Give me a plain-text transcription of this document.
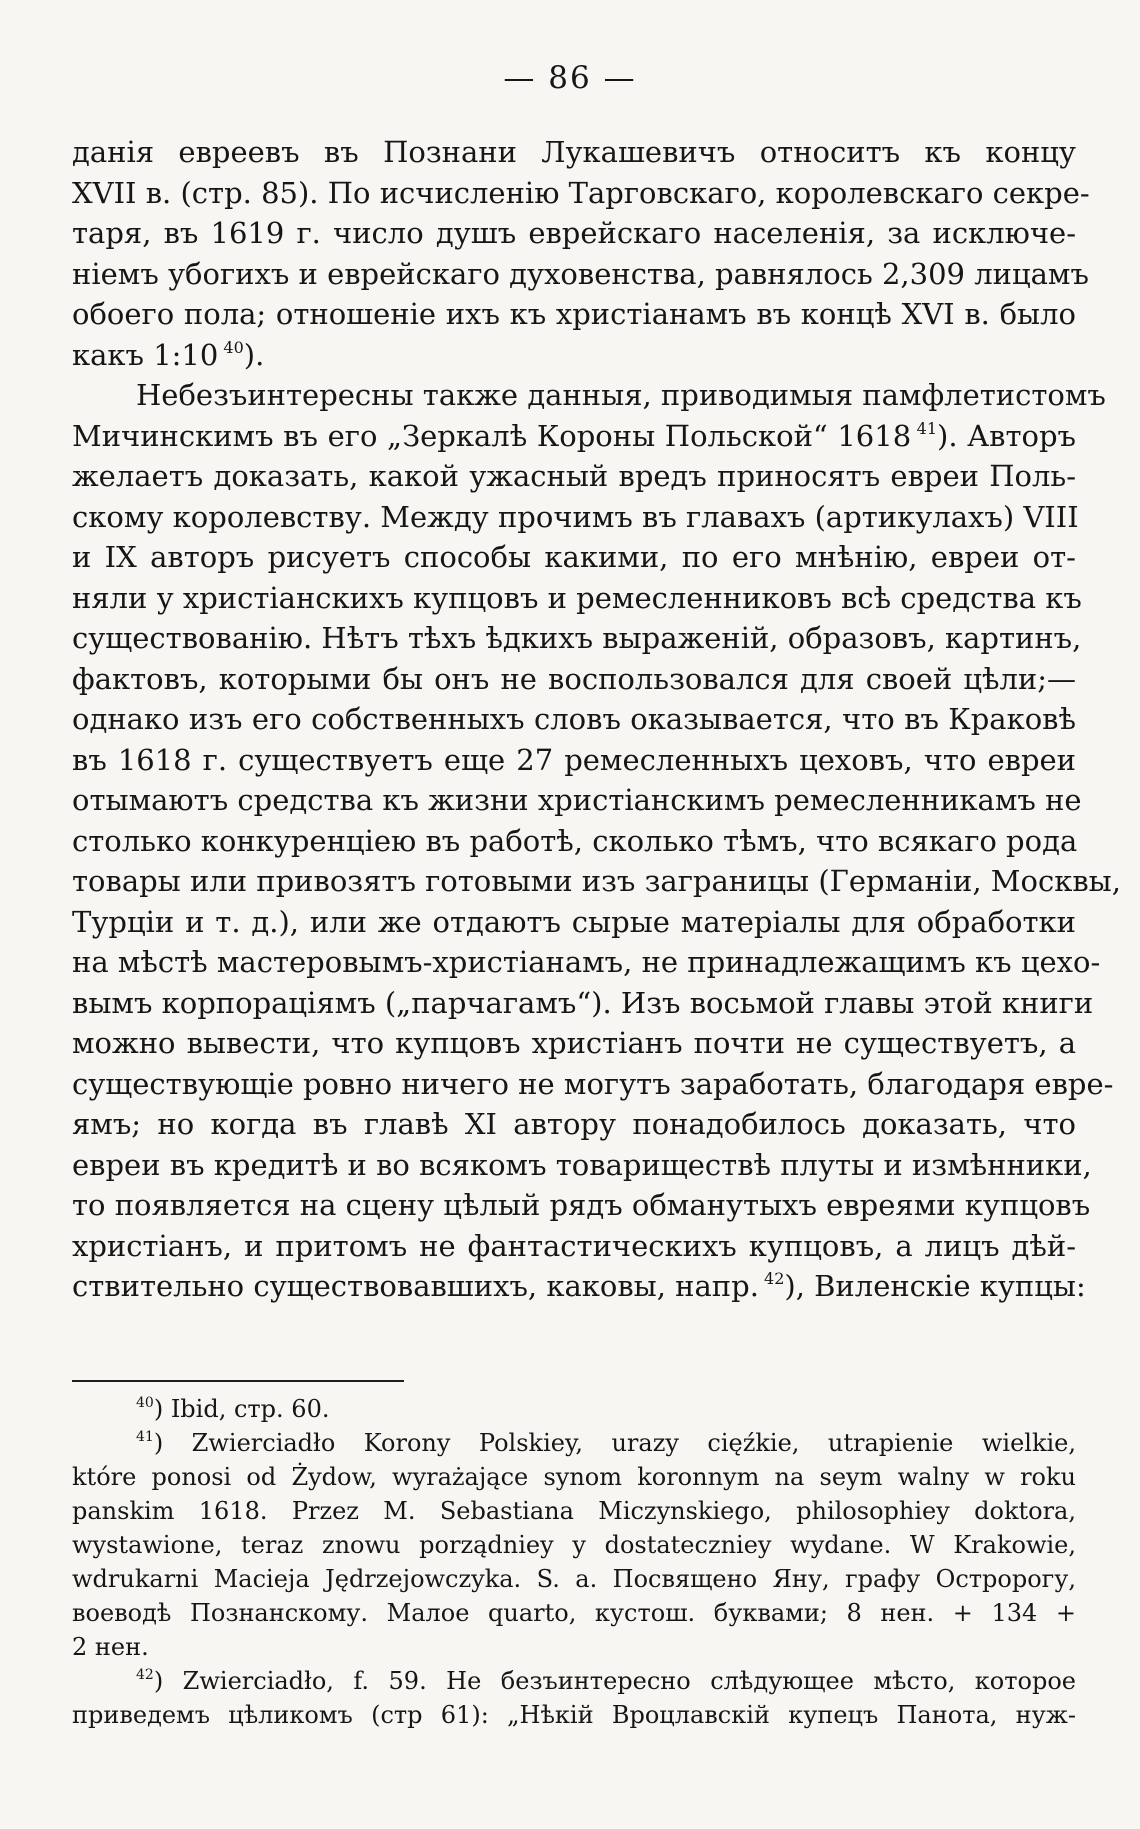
— 86 —
данія евреевъ въ Познани Лукашевичъ относитъ къ концу
XVII в. (стр. 85). По исчисленію Тарговскаго, королевскаго секре-
таря, въ 1619 г. число душъ еврейскаго населенія, за исключе-
ніемъ убогихъ и еврейскаго духовенства, равнялось 2,309 лицамъ
обоего пола; отношеніе ихъ къ христіанамъ въ концѣ XVI в. было
какъ 1:10 $^{40}$).
Небезъинтересны также данныя, приводимыя памфлетистомъ
Мичинскимъ въ его „Зеркалѣ Короны Польской“ 1618 $^{41}$). Авторъ
желаетъ доказать, какой ужасный вредъ приносятъ евреи Поль-
скому королевству. Между прочимъ въ главахъ (артикулахъ) VIII
и IX авторъ рисуетъ способы какими, по его мнѣнію, евреи от-
няли у христіанскихъ купцовъ и ремесленниковъ всѣ средства къ
существованію. Нѣтъ тѣхъ ѣдкихъ выраженій, образовъ, картинъ,
фактовъ, которыми бы онъ не воспользовался для своей цѣли;—
однако изъ его собственныхъ словъ оказывается, что въ Краковѣ
въ 1618 г. существуетъ еще 27 ремесленныхъ цеховъ, что евреи
отымаютъ средства къ жизни христіанскимъ ремесленникамъ не
столько конкуренціею въ работѣ, сколько тѣмъ, что всякаго рода
товары или привозятъ готовыми изъ заграницы (Германіи, Москвы,
Турціи и т. д.), или же отдаютъ сырые матеріалы для обработки
на мѣстѣ мастеровымъ-христіанамъ, не принадлежащимъ къ цехо-
вымъ корпораціямъ („парчагамъ“). Изъ восьмой главы этой книги
можно вывести, что купцовъ христіанъ почти не существуетъ, а
существующіе ровно ничего не могутъ заработать, благодаря евре-
ямъ; но когда въ главѣ XI автору понадобилось доказать, что
евреи въ кредитѣ и во всякомъ товариществѣ плуты и измѣнники,
то появляется на сцену цѣлый рядъ обманутыхъ евреями купцовъ
христіанъ, и притомъ не фантастическихъ купцовъ, а лицъ дѣй-
ствительно существовавшихъ, каковы, напр. $^{42}$), Виленскіе купцы:
$^{40}$) Ibid, стр. 60.
$^{41}$) Zwierciadło Korony Polskiey, urazy cięźkie, utrapienie wielkie,
które ponosi od Żydow, wyrażające synom koronnym na seym walny w roku
panskim 1618. Przez M. Sebastiana Miczynskiego, philosophiey doktora,
wystawione, teraz znowu porządniey y dostateczniey wydane. W Krakowie,
wdrukarni Macieja Jędrzejowczyka. S. a. Посвящено Яну, графу Остророгу,
воеводѣ Познанскому. Малое quarto, кустош. буквами; 8 нен. + 134 +
2 нен.
$^{42}$) Zwierciadło, f. 59. Не безъинтересно слѣдующее мѣсто, которое
приведемъ цѣликомъ (стр 61): „Нѣкій Вроцлавскій купецъ Панота, нуж-
